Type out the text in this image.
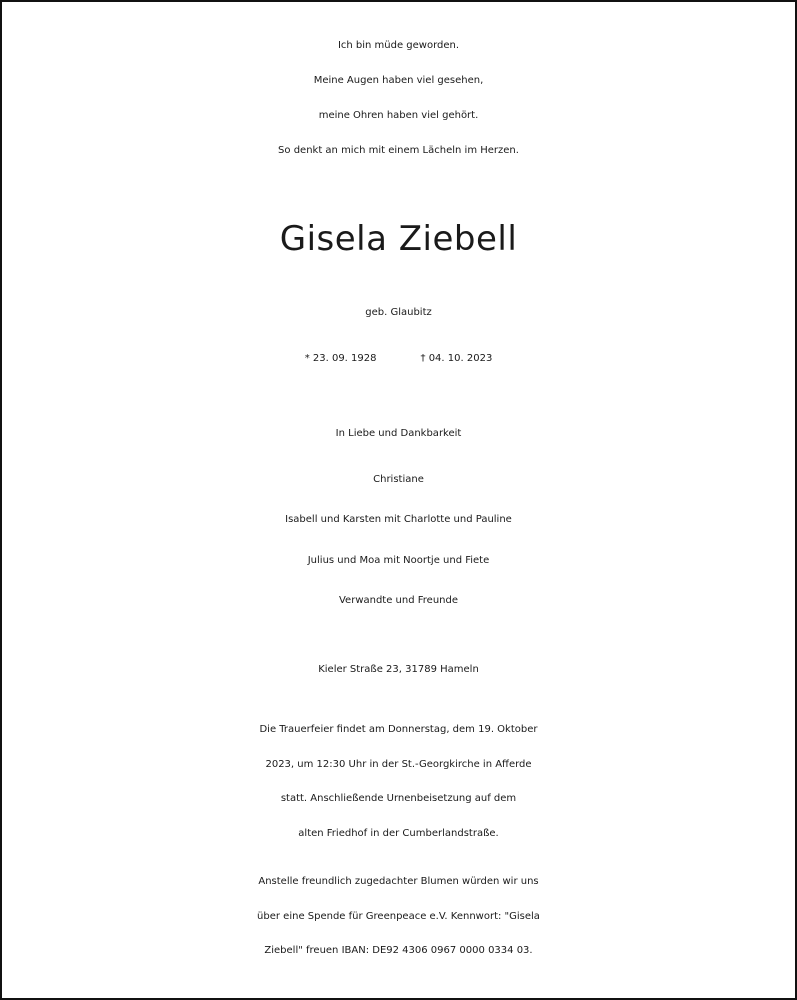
Ich bin müde geworden.
Meine Augen haben viel gesehen,
meine Ohren haben viel gehört.
So denkt an mich mit einem Lächeln im Herzen.
Gisela Ziebell
geb. Glaubitz
* 23. 09. 1928	† 04. 10. 2023
In Liebe und Dankbarkeit
Christiane
Isabell und Karsten mit Charlotte und Pauline
Julius und Moa mit Noortje und Fiete
Verwandte und Freunde
Kieler Straße 23, 31789 Hameln
Die Trauerfeier findet am Donnerstag, dem 19. Oktober
2023, um 12:30 Uhr in der St.-Georgkirche in Afferde
statt. Anschließende Urnenbeisetzung auf dem
alten Friedhof in der Cumberlandstraße.
Anstelle freundlich zugedachter Blumen würden wir uns
über eine Spende für Greenpeace e.V. Kennwort: "Gisela
Ziebell" freuen IBAN: DE92 4306 0967 0000 0334 03.
